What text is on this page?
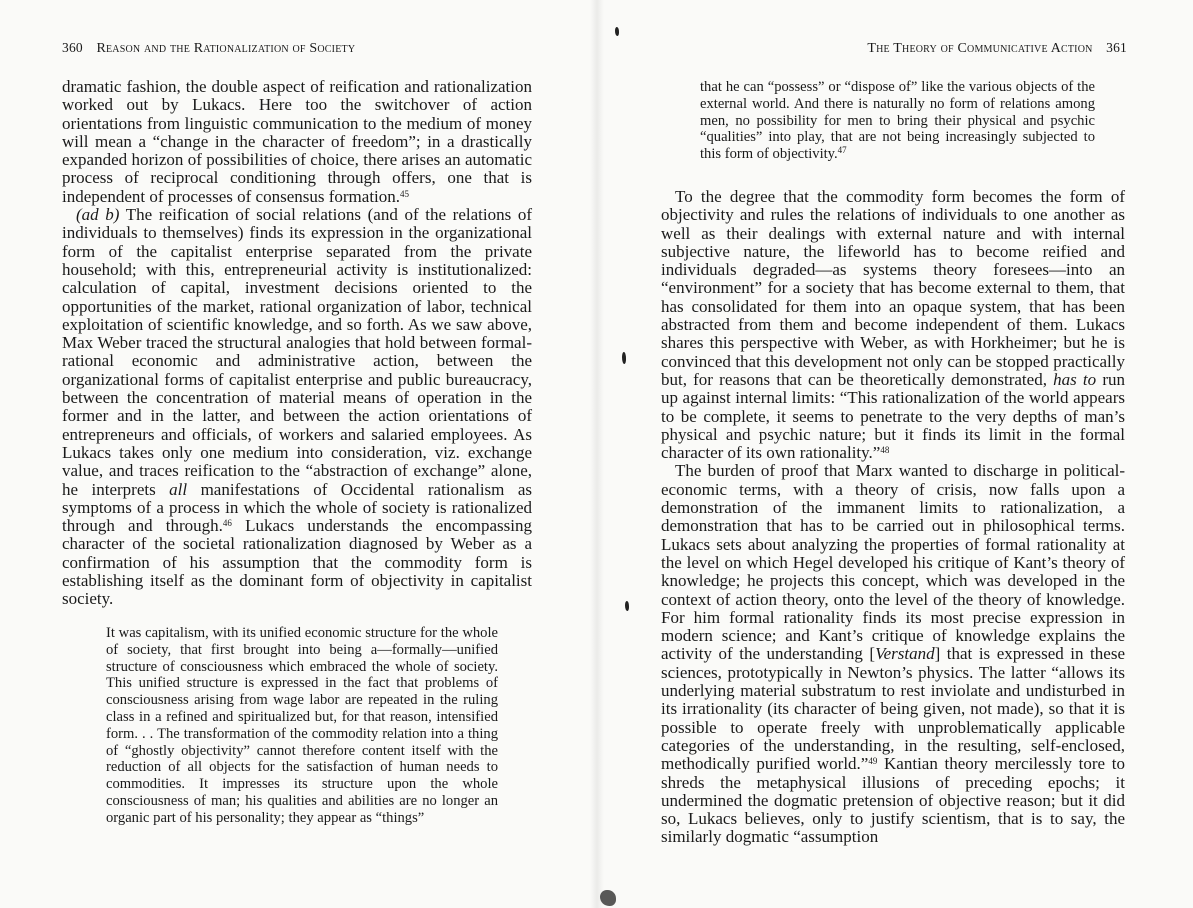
360 Reason and the Rationalization of Society

dramatic fashion, the double aspect of reification and rationalization worked out by Lukacs. Here too the switchover of action orientations from linguistic communication to the medium of money will mean a “change in the character of freedom”; in a drastically expanded horizon of possibilities of choice, there arises an automatic process of reciprocal conditioning through offers, one that is independent of processes of consensus formation.$^{45}$

(ad b) The reification of social relations (and of the relations of individuals to themselves) finds its expression in the organizational form of the capitalist enterprise separated from the private household; with this, entrepreneurial activity is institutionalized: calculation of capital, investment decisions oriented to the opportunities of the market, rational organization of labor, technical exploitation of scientific knowledge, and so forth. As we saw above, Max Weber traced the structural analogies that hold between formal-rational economic and administrative action, between the organizational forms of capitalist enterprise and public bureaucracy, between the concentration of material means of operation in the former and in the latter, and between the action orientations of entrepreneurs and officials, of workers and salaried employees. As Lukacs takes only one medium into consideration, viz. exchange value, and traces reification to the “abstraction of exchange” alone, he interprets all manifestations of Occidental rationalism as symptoms of a process in which the whole of society is rationalized through and through.$^{46}$ Lukacs understands the encompassing character of the societal rationalization diagnosed by Weber as a confirmation of his assumption that the commodity form is establishing itself as the dominant form of objectivity in capitalist society.

It was capitalism, with its unified economic structure for the whole of society, that first brought into being a—formally—unified structure of consciousness which embraced the whole of society. This unified structure is expressed in the fact that problems of consciousness arising from wage labor are repeated in the ruling class in a refined and spiritualized but, for that reason, intensified form. . . The transformation of the commodity relation into a thing of “ghostly objectivity” cannot therefore content itself with the reduction of all objects for the satisfaction of human needs to commodities. It impresses its structure upon the whole consciousness of man; his qualities and abilities are no longer an organic part of his personality; they appear as “things”
The Theory of Communicative Action 361
that he can “possess” or “dispose of” like the various objects of the external world. And there is naturally no form of relations among men, no possibility for men to bring their physical and psychic “qualities” into play, that are not being increasingly subjected to this form of objectivity.$^{47}$

To the degree that the commodity form becomes the form of objectivity and rules the relations of individuals to one another as well as their dealings with external nature and with internal subjective nature, the lifeworld has to become reified and individuals degraded—as systems theory foresees—into an “environment” for a society that has become external to them, that has consolidated for them into an opaque system, that has been abstracted from them and become independent of them. Lukacs shares this perspective with Weber, as with Horkheimer; but he is convinced that this development not only can be stopped practically but, for reasons that can be theoretically demonstrated, has to run up against internal limits: “This rationalization of the world appears to be complete, it seems to penetrate to the very depths of man’s physical and psychic nature; but it finds its limit in the formal character of its own rationality.”$^{48}$

The burden of proof that Marx wanted to discharge in political-economic terms, with a theory of crisis, now falls upon a demonstration of the immanent limits to rationalization, a demonstration that has to be carried out in philosophical terms. Lukacs sets about analyzing the properties of formal rationality at the level on which Hegel developed his critique of Kant’s theory of knowledge; he projects this concept, which was developed in the context of action theory, onto the level of the theory of knowledge. For him formal rationality finds its most precise expression in modern science; and Kant’s critique of knowledge explains the activity of the understanding [Verstand] that is expressed in these sciences, prototypically in Newton’s physics. The latter “allows its underlying material substratum to rest inviolate and undisturbed in its irrationality (its character of being given, not made), so that it is possible to operate freely with unproblematically applicable categories of the understanding, in the resulting, self-enclosed, methodically purified world.”$^{49}$ Kantian theory mercilessly tore to shreds the metaphysical illusions of preceding epochs; it undermined the dogmatic pretension of objective reason; but it did so, Lukacs believes, only to justify scientism, that is to say, the similarly dogmatic “assumption
